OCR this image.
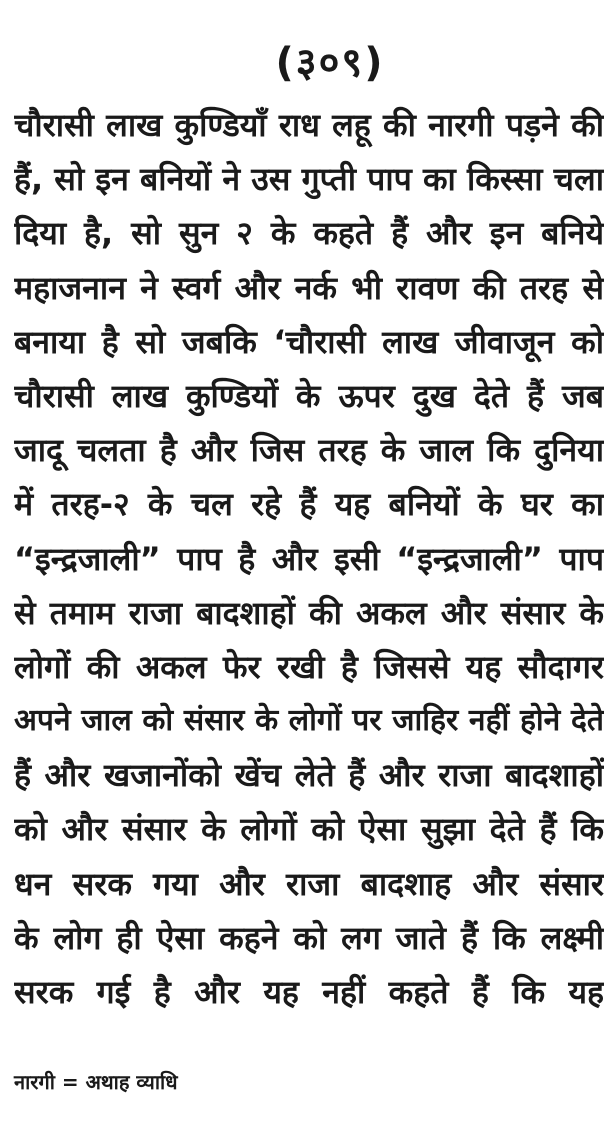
(३०९)
चौरासी लाख कुण्डियाँ राध लहू की नारगी पड़ने की
हैं, सो इन बनियों ने उस गुप्ती पाप का किस्सा चला
दिया है, सो सुन २ के कहते हैं और इन बनिये
महाजनान ने स्वर्ग और नर्क भी रावण की तरह से
बनाया है सो जबकि ‘चौरासी लाख जीवाजून को
चौरासी लाख कुण्डियों के ऊपर दुख देते हैं जब
जादू चलता है और जिस तरह के जाल कि दुनिया
में तरह-२ के चल रहे हैं यह बनियों के घर का
“इन्द्रजाली” पाप है और इसी “इन्द्रजाली” पाप
से तमाम राजा बादशाहों की अकल और संसार के
लोगों की अकल फेर रखी है जिससे यह सौदागर
अपने जाल को संसार के लोगों पर जाहिर नहीं होने देते
हैं और खजानोंको खेंच लेते हैं और राजा बादशाहों
को और संसार के लोगों को ऐसा सुझा देते हैं कि
धन सरक गया और राजा बादशाह और संसार
के लोग ही ऐसा कहने को लग जाते हैं कि लक्ष्मी
सरक गई है और यह नहीं कहते हैं कि यह
नारगी = अथाह व्याधि
